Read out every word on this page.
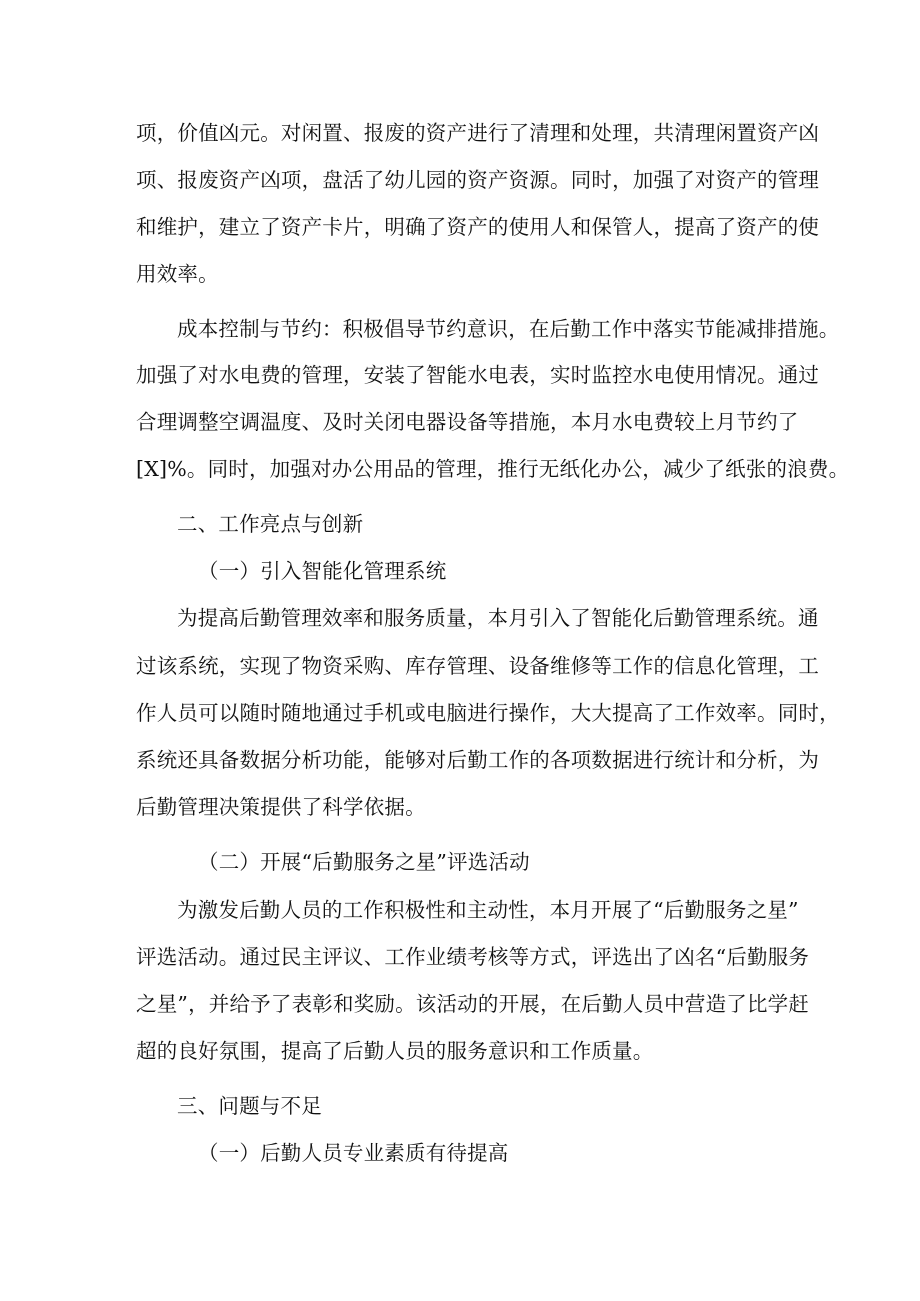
项，价值凶元。对闲置、报废的资产进行了清理和处理，共清理闲置资产凶
项、报废资产凶项，盘活了幼儿园的资产资源。同时，加强了对资产的管理
和维护，建立了资产卡片，明确了资产的使用人和保管人，提高了资产的使
用效率。
成本控制与节约：积极倡导节约意识，在后勤工作中落实节能减排措施。
加强了对水电费的管理，安装了智能水电表，实时监控水电使用情况。通过
合理调整空调温度、及时关闭电器设备等措施，本月水电费较上月节约了
[X]%。同时，加强对办公用品的管理，推行无纸化办公，减少了纸张的浪费。
二、工作亮点与创新
（一）引入智能化管理系统
为提高后勤管理效率和服务质量，本月引入了智能化后勤管理系统。通
过该系统，实现了物资采购、库存管理、设备维修等工作的信息化管理，工
作人员可以随时随地通过手机或电脑进行操作，大大提高了工作效率。同时，
系统还具备数据分析功能，能够对后勤工作的各项数据进行统计和分析，为
后勤管理决策提供了科学依据。
（二）开展“后勤服务之星”评选活动
为激发后勤人员的工作积极性和主动性，本月开展了“后勤服务之星”
评选活动。通过民主评议、工作业绩考核等方式，评选出了凶名“后勤服务
之星”，并给予了表彰和奖励。该活动的开展，在后勤人员中营造了比学赶
超的良好氛围，提高了后勤人员的服务意识和工作质量。
三、问题与不足
（一）后勤人员专业素质有待提高
